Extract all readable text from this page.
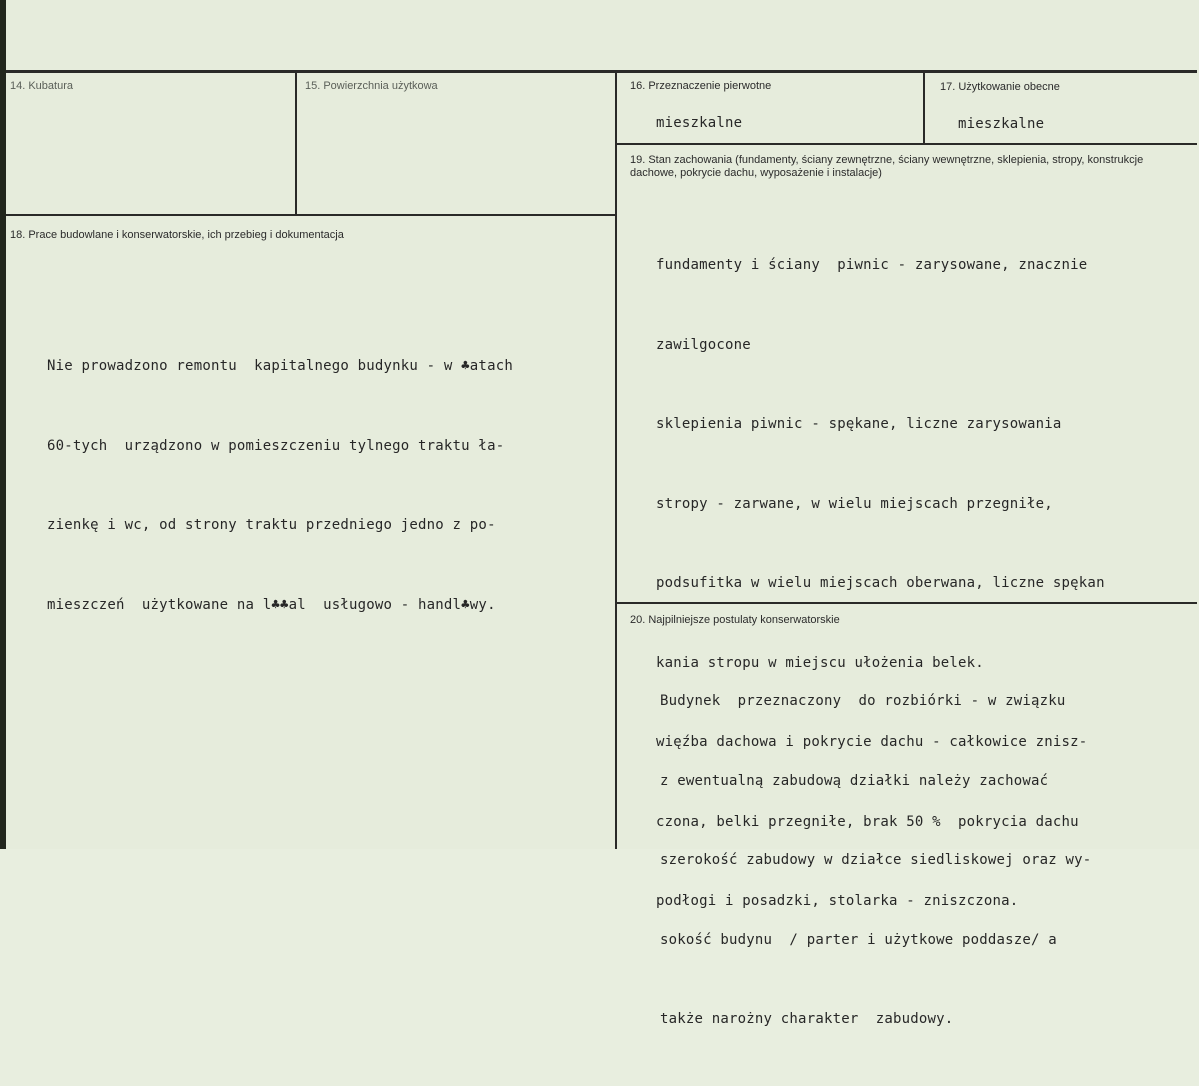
14. Kubatura	15. Powierzchnia użytkowa	16. Przeznaczenie pierwotne
mieszkalne
17. Użytkowanie obecne
mieszkalne
18. Prace budowlane i konserwatorskie, ich przebieg i dokumentacja

Nie prowadzono remontu  kapitalnego budynku - w ♣atach

60-tych  urządzono w pomieszczeniu tylnego traktu ła-

zienkę i wc, od strony traktu przedniego jedno z po-

mieszczeń  użytkowane na l♣♣al  usługowo - handl♣wy.

19. Stan zachowania (fundamenty, ściany zewnętrzne, ściany wewnętrzne, sklepienia, stropy, konstrukcje dachowe, pokrycie dachu, wyposażenie i instalacje)

fundamenty i ściany  piwnic - zarysowane, znacznie

zawilgocone

sklepienia piwnic - spękane, liczne zarysowania

stropy - zarwane, w wielu miejscach przegniłe,

podsufitka w wielu miejscach oberwana, liczne spękan

kania stropu w miejscu ułożenia belek.

więźba dachowa i pokrycie dachu - całkowice znisz-

czona, belki przegniłe, brak 50 %  pokrycia dachu

podłogi i posadzki, stolarka - zniszczona.

20. Najpilniejsze postulaty konserwatorskie

Budynek  przeznaczony  do rozbiórki - w związku

z ewentualną zabudową działki należy zachować

szerokość zabudowy w działce siedliskowej oraz wy-

sokość budynu  / parter i użytkowe poddasze/ a

także narożny charakter  zabudowy.
